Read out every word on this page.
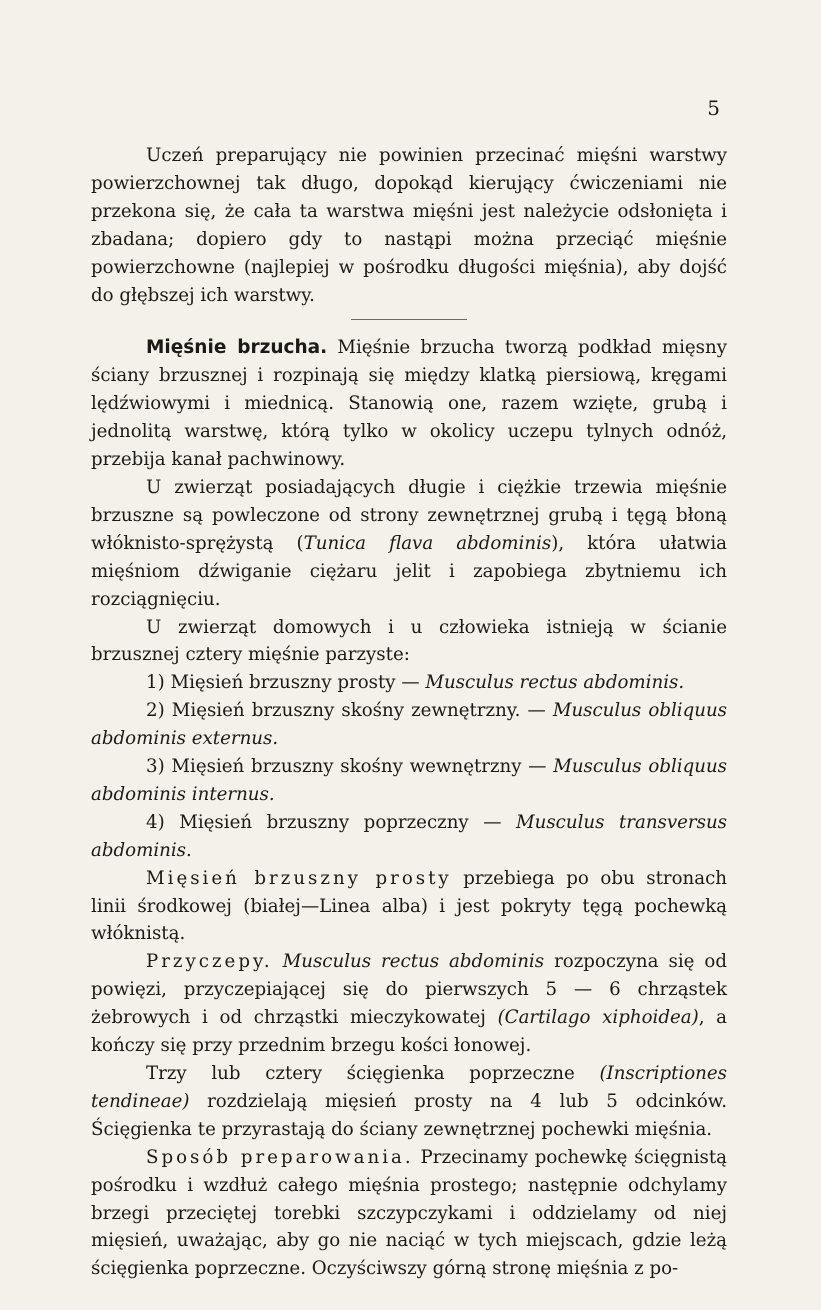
5

Uczeń preparujący nie powinien przecinać mięśni warstwy powierzchownej tak długo, dopokąd kierujący ćwiczeniami nie przekona się, że cała ta warstwa mięśni jest należycie odsłonięta i zbadana; dopiero gdy to nastąpi można przeciąć mięśnie powierzchowne (najlepiej w pośrodku długości mięśnia), aby dojść do głębszej ich warstwy.

Mięśnie brzucha. Mięśnie brzucha tworzą podkład mięsny ściany brzusznej i rozpinają się między klatką piersiową, kręgami lędźwiowymi i miednicą. Stanowią one, razem wzięte, grubą i jednolitą warstwę, którą tylko w okolicy uczepu tylnych odnóż, przebija kanał pachwinowy.

U zwierząt posiadających długie i ciężkie trzewia mięśnie brzuszne są powleczone od strony zewnętrznej grubą i tęgą błoną włóknisto-sprężystą (Tunica flava abdominis), która ułatwia mięśniom dźwiganie ciężaru jelit i zapobiega zbytniemu ich rozciągnięciu.

U zwierząt domowych i u człowieka istnieją w ścianie brzusznej cztery mięśnie parzyste:

1) Mięsień brzuszny prosty — Musculus rectus abdominis.

2) Mięsień brzuszny skośny zewnętrzny. — Musculus obliquus abdominis externus.

3) Mięsień brzuszny skośny wewnętrzny — Musculus obliquus abdominis internus.

4) Mięsień brzuszny poprzeczny — Musculus transversus abdominis.

Mięsień brzuszny prosty przebiega po obu stronach linii środkowej (białej—Linea alba) i jest pokryty tęgą pochewką włóknistą.

Przyczepy. Musculus rectus abdominis rozpoczyna się od powięzi, przyczepiającej się do pierwszych 5 — 6 chrząstek żebrowych i od chrząstki mieczykowatej (Cartilago xiphoidea), a kończy się przy przednim brzegu kości łonowej.

Trzy lub cztery ścięgienka poprzeczne (Inscriptiones tendineae) rozdzielają mięsień prosty na 4 lub 5 odcinków. Ścięgienka te przyrastają do ściany zewnętrznej pochewki mięśnia.

Sposób preparowania. Przecinamy pochewkę ścięgnistą pośrodku i wzdłuż całego mięśnia prostego; następnie odchylamy brzegi przeciętej torebki szczypczykami i oddzielamy od niej mięsień, uważając, aby go nie naciąć w tych miejscach, gdzie leżą ścięgienka poprzeczne. Oczyściwszy górną stronę mięśnia z po-
